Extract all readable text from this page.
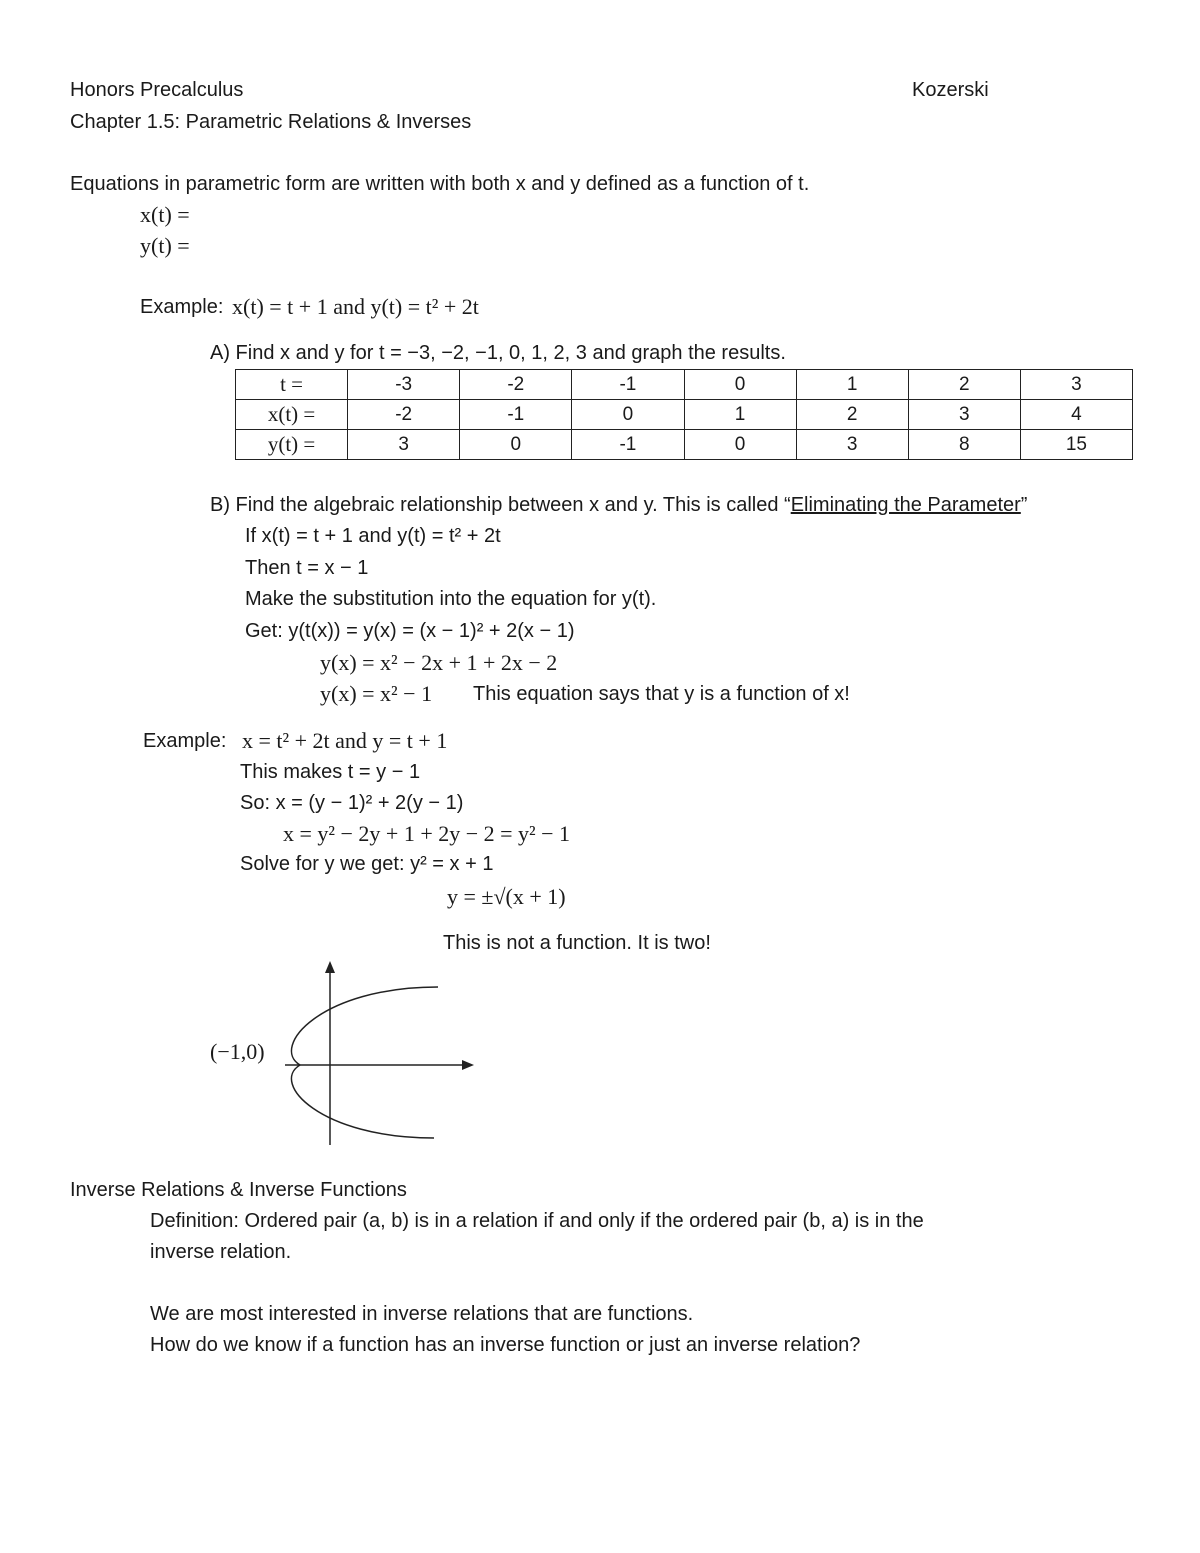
Honors Precalculus	Kozerski
Chapter 1.5: Parametric Relations & Inverses
Equations in parametric form are written with both x and y defined as a function of t.
x(t) =
y(t) =
Example: x(t) = t + 1 and y(t) = t² + 2t
A) Find x and y for t = −3, −2, −1, 0, 1, 2, 3 and graph the results.
t =	-3	-2	-1	0	1	2	3
x(t) =	-2	-1	0	1	2	3	4
y(t) =	3	0	-1	0	3	8	15
B) Find the algebraic relationship between x and y. This is called “Eliminating the Parameter”
If x(t) = t + 1 and y(t) = t² + 2t
Then t = x − 1
Make the substitution into the equation for y(t).
Get: y(t(x)) = y(x) = (x − 1)² + 2(x − 1)
y(x) = x² − 2x + 1 + 2x − 2
y(x) = x² − 1 This equation says that y is a function of x!
Example: x = t² + 2t and y = t + 1
This makes t = y − 1
So: x = (y − 1)² + 2(y − 1)
x = y² − 2y + 1 + 2y − 2 = y² − 1
Solve for y we get: y² = x + 1
y = ±√(x + 1)
This is not a function. It is two!
(−1,0)
Inverse Relations & Inverse Functions
Definition: Ordered pair (a, b) is in a relation if and only if the ordered pair (b, a) is in the
inverse relation.
We are most interested in inverse relations that are functions.
How do we know if a function has an inverse function or just an inverse relation?
